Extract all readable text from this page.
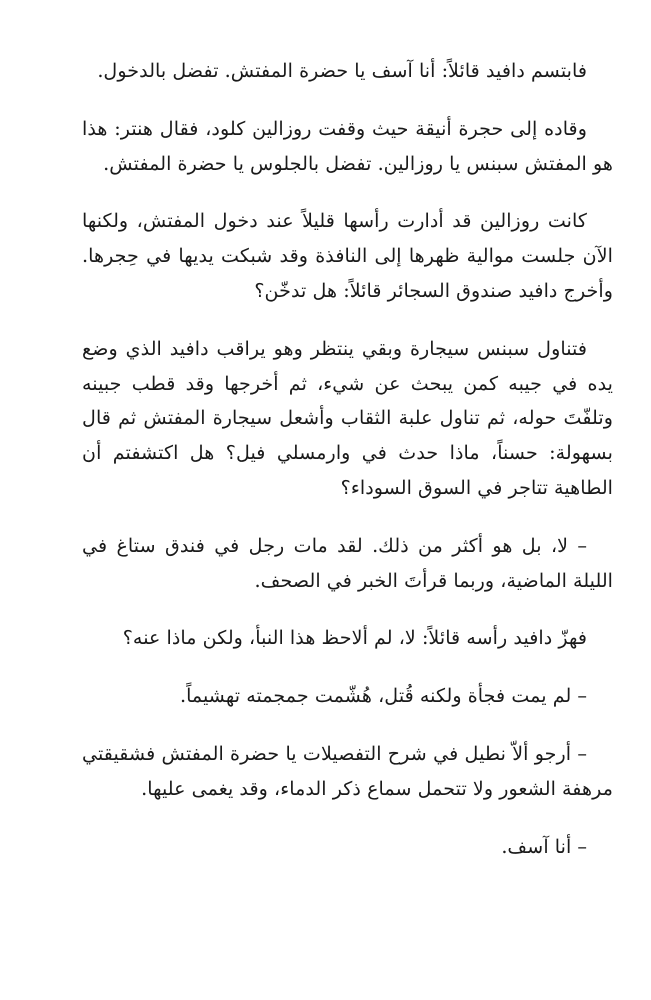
فابتسم دافيد قائلاً: أنا آسف يا حضرة المفتش. تفضل بالدخول.

وقاده إلى حجرة أنيقة حيث وقفت روزالين كلود، فقال هنتر: هذا هو المفتش سبنس يا روزالين. تفضل بالجلوس يا حضرة المفتش.

كانت روزالين قد أدارت رأسها قليلاً عند دخول المفتش، ولكنها الآن جلست موالية ظهرها إلى النافذة وقد شبكت يديها في حِجرها. وأخرج دافيد صندوق السجائر قائلاً: هل تدخّن؟

فتناول سبنس سيجارة وبقي ينتظر وهو يراقب دافيد الذي وضع يده في جيبه كمن يبحث عن شيء، ثم أخرجها وقد قطب جبينه وتلفّتَ حوله، ثم تناول علبة الثقاب وأشعل سيجارة المفتش ثم قال بسهولة: حسناً، ماذا حدث في وارمسلي فيل؟ هل اكتشفتم أن الطاهية تتاجر في السوق السوداء؟

– لا، بل هو أكثر من ذلك. لقد مات رجل في فندق ستاغ في الليلة الماضية، وربما قرأتَ الخبر في الصحف.

فهزّ دافيد رأسه قائلاً: لا، لم ألاحظ هذا النبأ، ولكن ماذا عنه؟

– لم يمت فجأة ولكنه قُتل، هُشّمت جمجمته تهشيماً.

– أرجو ألاّ نطيل في شرح التفصيلات يا حضرة المفتش فشقيقتي مرهفة الشعور ولا تتحمل سماع ذكر الدماء، وقد يغمى عليها.

– أنا آسف.
